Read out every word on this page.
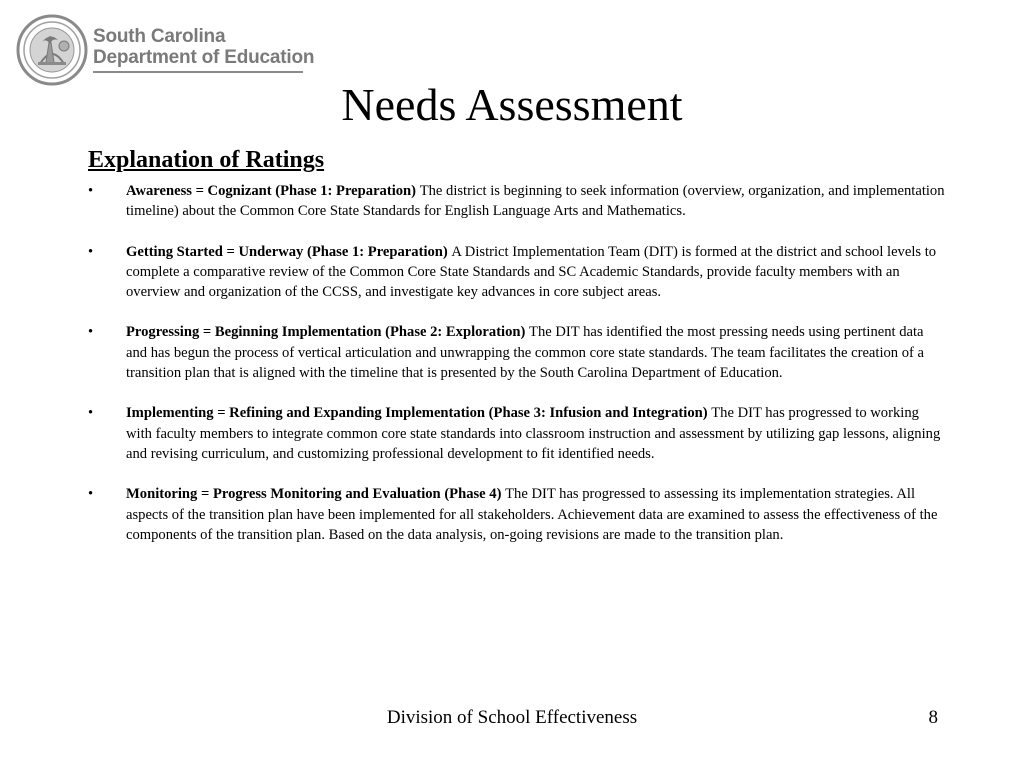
South Carolina
Department of Education
Needs Assessment
Explanation of Ratings
• Awareness = Cognizant (Phase 1: Preparation) The district is beginning to seek information (overview, organization, and implementation timeline) about the Common Core State Standards for English Language Arts and Mathematics.
• Getting Started = Underway (Phase 1: Preparation) A District Implementation Team (DIT) is formed at the district and school levels to complete a comparative review of the Common Core State Standards and SC Academic Standards, provide faculty members with an overview and organization of the CCSS, and investigate key advances in core subject areas.
• Progressing = Beginning Implementation (Phase 2: Exploration) The DIT has identified the most pressing needs using pertinent data and has begun the process of vertical articulation and unwrapping the common core state standards. The team facilitates the creation of a transition plan that is aligned with the timeline that is presented by the South Carolina Department of Education.
• Implementing = Refining and Expanding Implementation (Phase 3: Infusion and Integration) The DIT has progressed to working with faculty members to integrate common core state standards into classroom instruction and assessment by utilizing gap lessons, aligning and revising curriculum, and customizing professional development to fit identified needs.
• Monitoring = Progress Monitoring and Evaluation (Phase 4) The DIT has progressed to assessing its implementation strategies. All aspects of the transition plan have been implemented for all stakeholders. Achievement data are examined to assess the effectiveness of the components of the transition plan. Based on the data analysis, on-going revisions are made to the transition plan.
Division of School Effectiveness	8
